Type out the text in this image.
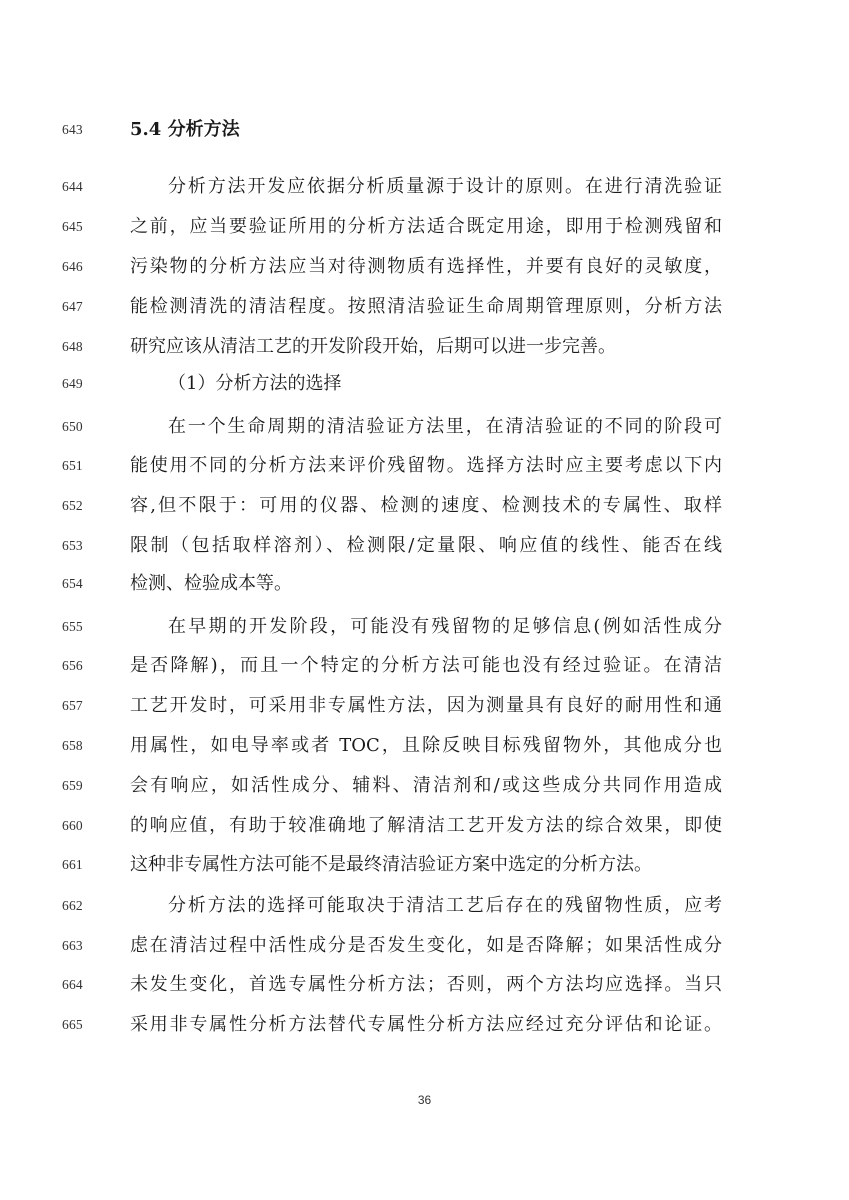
643	5.4 分析方法
644	分析方法开发应依据分析质量源于设计的原则。在进行清洗验证
645	之前，应当要验证所用的分析方法适合既定用途，即用于检测残留和
646	污染物的分析方法应当对待测物质有选择性，并要有良好的灵敏度，
647	能检测清洗的清洁程度。按照清洁验证生命周期管理原则，分析方法
648	研究应该从清洁工艺的开发阶段开始，后期可以进一步完善。
649	（1）分析方法的选择
650	在一个生命周期的清洁验证方法里，在清洁验证的不同的阶段可
651	能使用不同的分析方法来评价残留物。选择方法时应主要考虑以下内
652	容,但不限于：可用的仪器、检测的速度、检测技术的专属性、取样
653	限制（包括取样溶剂）、检测限/定量限、响应值的线性、能否在线
654	检测、检验成本等。
655	在早期的开发阶段，可能没有残留物的足够信息(例如活性成分
656	是否降解)，而且一个特定的分析方法可能也没有经过验证。在清洁
657	工艺开发时，可采用非专属性方法，因为测量具有良好的耐用性和通
658	用属性，如电导率或者 TOC，且除反映目标残留物外，其他成分也
659	会有响应，如活性成分、辅料、清洁剂和/或这些成分共同作用造成
660	的响应值，有助于较准确地了解清洁工艺开发方法的综合效果，即使
661	这种非专属性方法可能不是最终清洁验证方案中选定的分析方法。
662	分析方法的选择可能取决于清洁工艺后存在的残留物性质，应考
663	虑在清洁过程中活性成分是否发生变化，如是否降解；如果活性成分
664	未发生变化，首选专属性分析方法；否则，两个方法均应选择。当只
665	采用非专属性分析方法替代专属性分析方法应经过充分评估和论证。
36
